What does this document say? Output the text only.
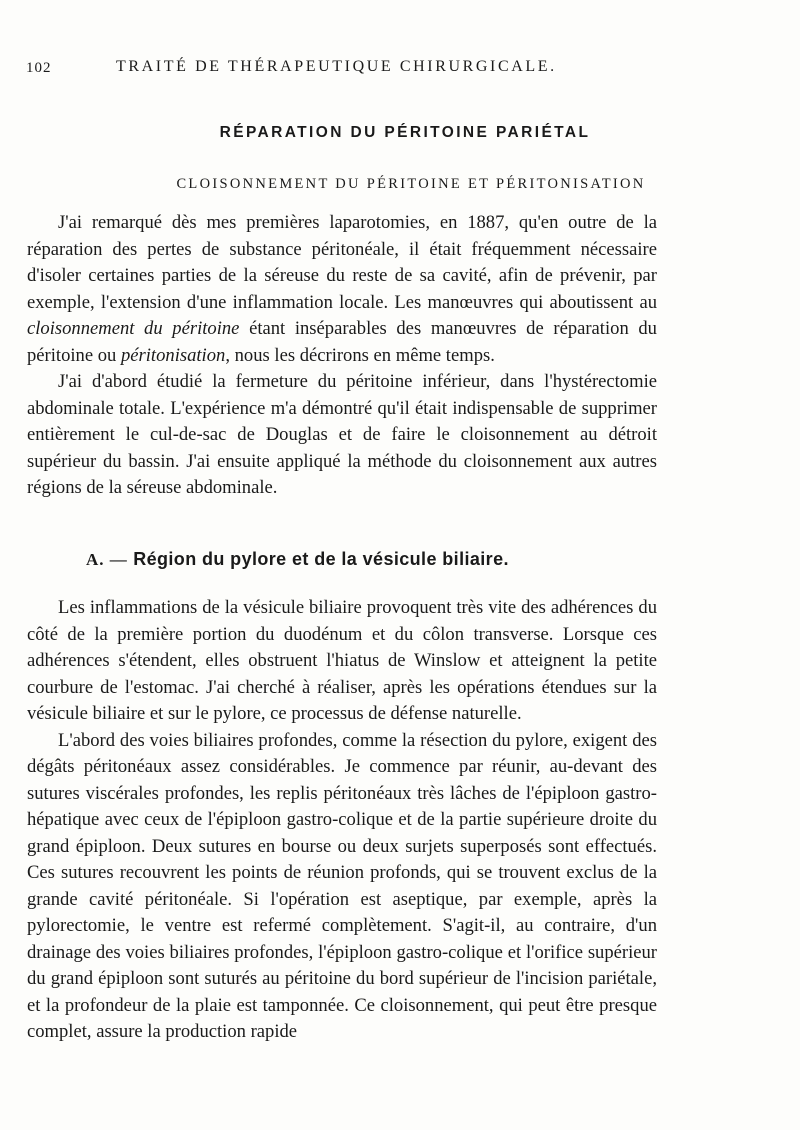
102	TRAITÉ DE THÉRAPEUTIQUE CHIRURGICALE.
RÉPARATION DU PÉRITOINE PARIÉTAL
CLOISONNEMENT DU PÉRITOINE ET PÉRITONISATION

J'ai remarqué dès mes premières laparotomies, en 1887, qu'en outre de la réparation des pertes de substance péritonéale, il était fréquemment nécessaire d'isoler certaines parties de la séreuse du reste de sa cavité, afin de prévenir, par exemple, l'extension d'une inflammation locale. Les manœuvres qui aboutissent au cloisonnement du péritoine étant inséparables des manœuvres de réparation du péritoine ou péritonisation, nous les décrirons en même temps.

J'ai d'abord étudié la fermeture du péritoine inférieur, dans l'hystérectomie abdominale totale. L'expérience m'a démontré qu'il était indispensable de supprimer entièrement le cul-de-sac de Douglas et de faire le cloisonnement au détroit supérieur du bassin. J'ai ensuite appliqué la méthode du cloisonnement aux autres régions de la séreuse abdominale.

A. — Région du pylore et de la vésicule biliaire.

Les inflammations de la vésicule biliaire provoquent très vite des adhérences du côté de la première portion du duodénum et du côlon transverse. Lorsque ces adhérences s'étendent, elles obstruent l'hiatus de Winslow et atteignent la petite courbure de l'estomac. J'ai cherché à réaliser, après les opérations étendues sur la vésicule biliaire et sur le pylore, ce processus de défense naturelle.

L'abord des voies biliaires profondes, comme la résection du pylore, exigent des dégâts péritonéaux assez considérables. Je commence par réunir, au-devant des sutures viscérales profondes, les replis péritonéaux très lâches de l'épiploon gastro-hépatique avec ceux de l'épiploon gastro-colique et de la partie supérieure droite du grand épiploon. Deux sutures en bourse ou deux surjets superposés sont effectués. Ces sutures recouvrent les points de réunion profonds, qui se trouvent exclus de la grande cavité péritonéale. Si l'opération est aseptique, par exemple, après la pylorectomie, le ventre est refermé complètement. S'agit-il, au contraire, d'un drainage des voies biliaires profondes, l'épiploon gastro-colique et l'orifice supérieur du grand épiploon sont suturés au péritoine du bord supérieur de l'incision pariétale, et la profondeur de la plaie est tamponnée. Ce cloisonnement, qui peut être presque complet, assure la production rapide
